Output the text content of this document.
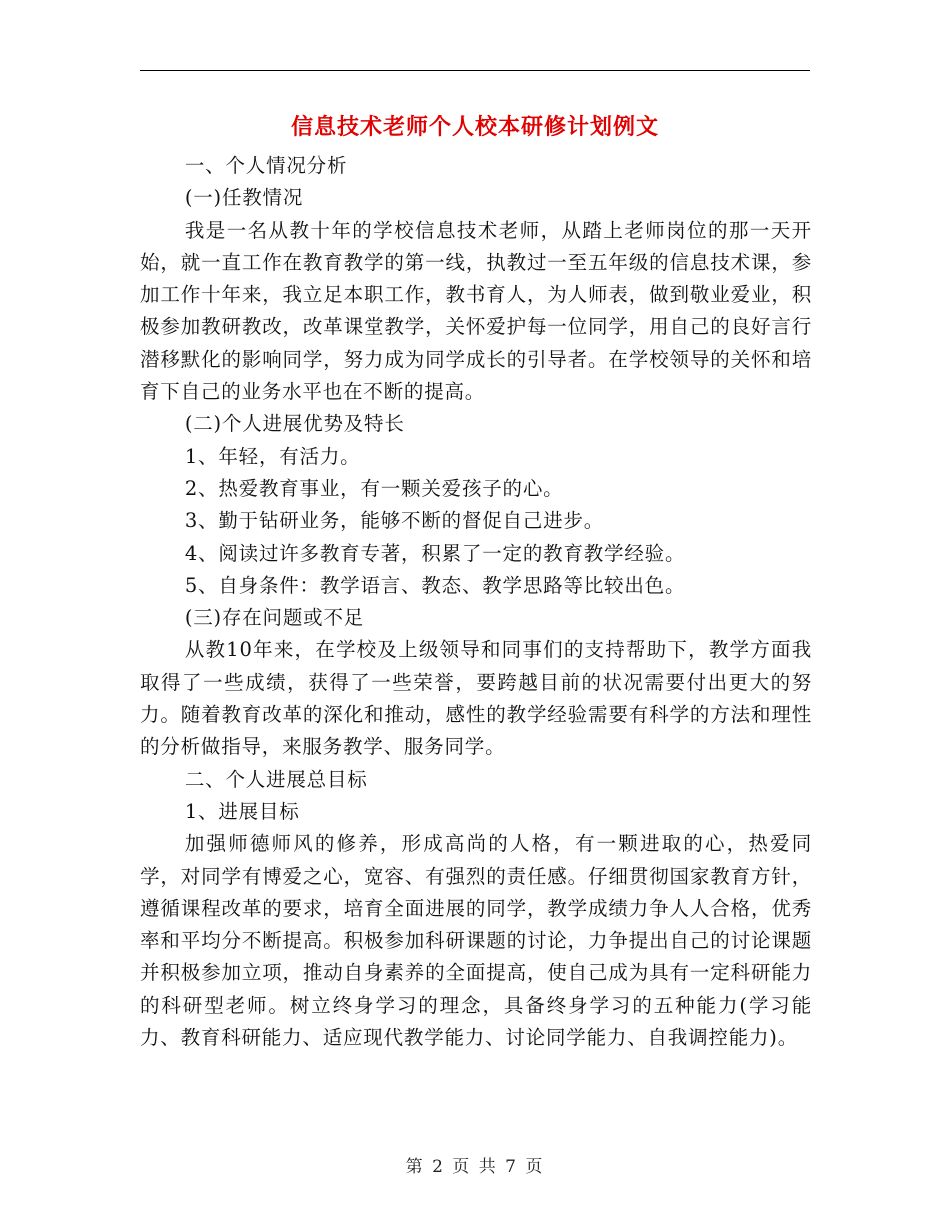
信息技术老师个人校本研修计划例文

一、个人情况分析

(一)任教情况

我是一名从教十年的学校信息技术老师，从踏上老师岗位的那一天开始，就一直工作在教育教学的第一线，执教过一至五年级的信息技术课，参加工作十年来，我立足本职工作，教书育人，为人师表，做到敬业爱业，积极参加教研教改，改革课堂教学，关怀爱护每一位同学，用自己的良好言行潜移默化的影响同学，努力成为同学成长的引导者。在学校领导的关怀和培育下自己的业务水平也在不断的提高。

(二)个人进展优势及特长

1、年轻，有活力。

2、热爱教育事业，有一颗关爱孩子的心。

3、勤于钻研业务，能够不断的督促自己进步。

4、阅读过许多教育专著，积累了一定的教育教学经验。

5、自身条件：教学语言、教态、教学思路等比较出色。

(三)存在问题或不足

从教10年来，在学校及上级领导和同事们的支持帮助下，教学方面我取得了一些成绩，获得了一些荣誉，要跨越目前的状况需要付出更大的努力。随着教育改革的深化和推动，感性的教学经验需要有科学的方法和理性的分析做指导，来服务教学、服务同学。

二、个人进展总目标

1、进展目标

加强师德师风的修养，形成高尚的人格，有一颗进取的心，热爱同学，对同学有博爱之心，宽容、有强烈的责任感。仔细贯彻国家教育方针，遵循课程改革的要求，培育全面进展的同学，教学成绩力争人人合格，优秀率和平均分不断提高。积极参加科研课题的讨论，力争提出自己的讨论课题并积极参加立项，推动自身素养的全面提高，使自己成为具有一定科研能力的科研型老师。树立终身学习的理念，具备终身学习的五种能力(学习能力、教育科研能力、适应现代教学能力、讨论同学能力、自我调控能力)。

第 2 页 共 7 页
